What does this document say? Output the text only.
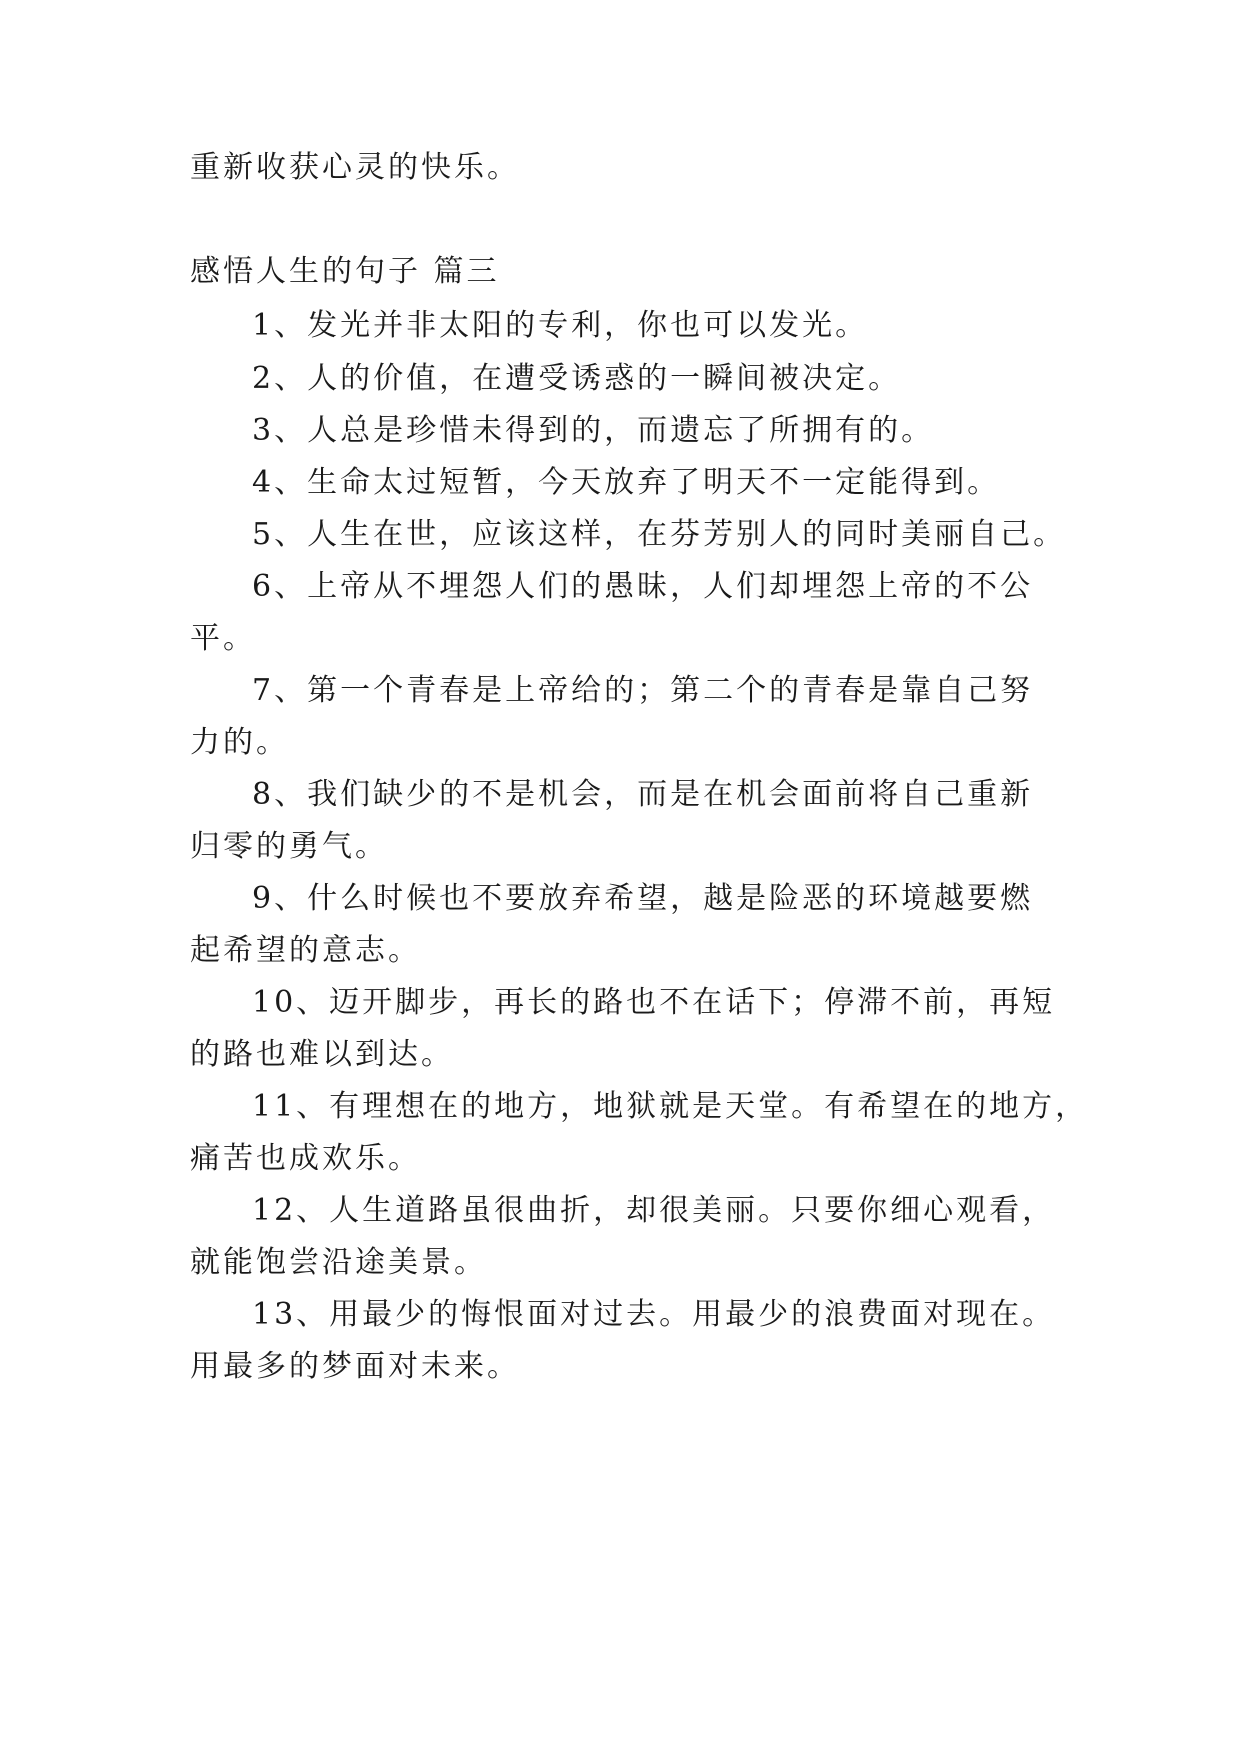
重新收获心灵的快乐。
感悟人生的句子 篇三
1、发光并非太阳的专利，你也可以发光。
2、人的价值，在遭受诱惑的一瞬间被决定。
3、人总是珍惜未得到的，而遗忘了所拥有的。
4、生命太过短暂，今天放弃了明天不一定能得到。
5、人生在世，应该这样，在芬芳别人的同时美丽自己。
6、上帝从不埋怨人们的愚昧，人们却埋怨上帝的不公
平。
7、第一个青春是上帝给的；第二个的青春是靠自己努
力的。
8、我们缺少的不是机会，而是在机会面前将自己重新
归零的勇气。
9、什么时候也不要放弃希望，越是险恶的环境越要燃
起希望的意志。
10、迈开脚步，再长的路也不在话下；停滞不前，再短
的路也难以到达。
11、有理想在的地方，地狱就是天堂。有希望在的地方，
痛苦也成欢乐。
12、人生道路虽很曲折，却很美丽。只要你细心观看，
就能饱尝沿途美景。
13、用最少的悔恨面对过去。用最少的浪费面对现在。
用最多的梦面对未来。
